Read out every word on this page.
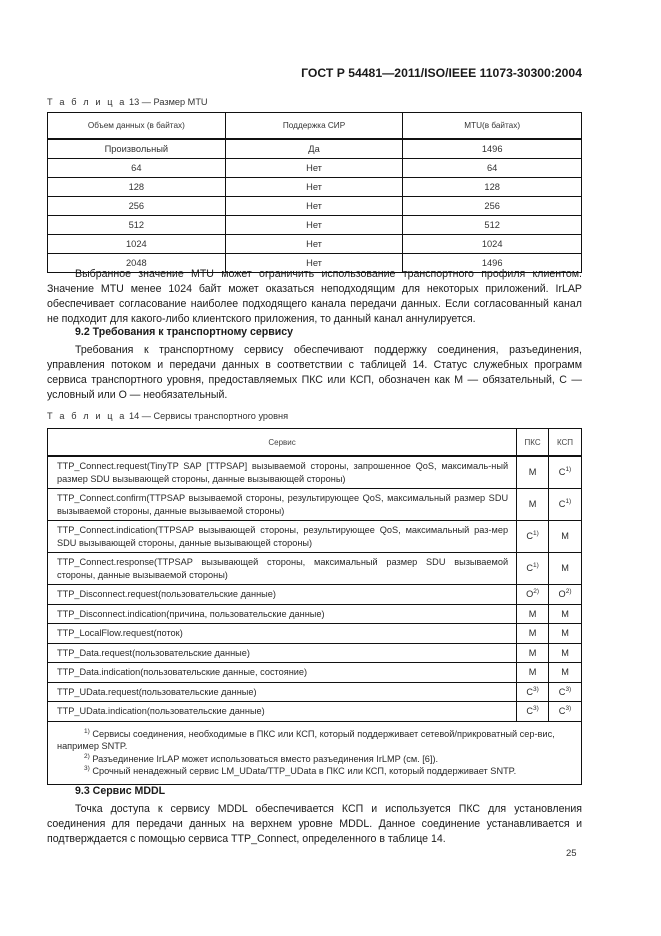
ГОСТ Р 54481—2011/ISO/IEEE 11073-30300:2004
Т а б л и ц а 13 — Размер MTU
Объем данных (в байтах)	Поддержка СИР	MTU(в байтах)
Произвольный	Да	1496
64	Нет	64
128	Нет	128
256	Нет	256
512	Нет	512
1024	Нет	1024
2048	Нет	1496

Выбранное значение MTU может ограничить использование транспортного профиля клиентом. Значение MTU менее 1024 байт может оказаться неподходящим для некоторых приложений. IrLAP обеспечивает согласование наиболее подходящего канала передачи данных. Если согласованный канал не подходит для какого-либо клиентского приложения, то данный канал аннулируется.

9.2 Требования к транспортному сервису

Требования к транспортному сервису обеспечивают поддержку соединения, разъединения, управления потоком и передачи данных в соответствии с таблицей 14. Статус служебных программ сервиса транспортного уровня, предоставляемых ПКС или КСП, обозначен как М — обязательный, С — условный или О — необязательный.

Т а б л и ц а 14 — Сервисы транспортного уровня
Сервис	ПКС	КСП
TTP_Connect.request(TinyTP SAP [TTPSAP] вызываемой стороны, запрошенное QoS, максималь-ный размер SDU вызывающей стороны, данные вызывающей стороны)	M	$C^{1)}$
TTP_Connect.confirm(TTPSAP вызываемой стороны, результирующее QoS, максимальный размер SDU вызываемой стороны, данные вызываемой стороны)	M	$C^{1)}$
TTP_Connect.indication(TTPSAP вызывающей стороны, результирующее QoS, максимальный раз-мер SDU вызывающей стороны, данные вызывающей стороны)	$C^{1)}$	M
TTP_Connect.response(TTPSAP вызывающей стороны, максимальный размер SDU вызываемой стороны, данные вызываемой стороны)	$C^{1)}$	M
TTP_Disconnect.request(пользовательские данные)	$O^{2)}$	$O^{2)}$
TTP_Disconnect.indication(причина, пользовательские данные)	M	M
TTP_LocalFlow.request(поток)	M	M
TTP_Data.request(пользовательские данные)	M	M
TTP_Data.indication(пользовательские данные, состояние)	M	M
TTP_UData.request(пользовательские данные)	$C^{3)}$	$C^{3)}$
TTP_UData.indication(пользовательские данные)	$C^{3)}$	$C^{3)}$

$^{1)}$ Сервисы соединения, необходимые в ПКС или КСП, который поддерживает сетевой/прикроватный сер-вис, например SNTP.
$^{2)}$ Разъединение IrLAP может использоваться вместо разъединения IrLMP (см. [6]).
$^{3)}$ Срочный ненадежный сервис LM_UData/TTP_UData в ПКС или КСП, который поддерживает SNTP.		
9.3 Сервис MDDL

Точка доступа к сервису MDDL обеспечивается КСП и используется ПКС для установления соединения для передачи данных на верхнем уровне MDDL. Данное соединение устанавливается и подтверждается с помощью сервиса TTP_Connect, определенного в таблице 14.

25
